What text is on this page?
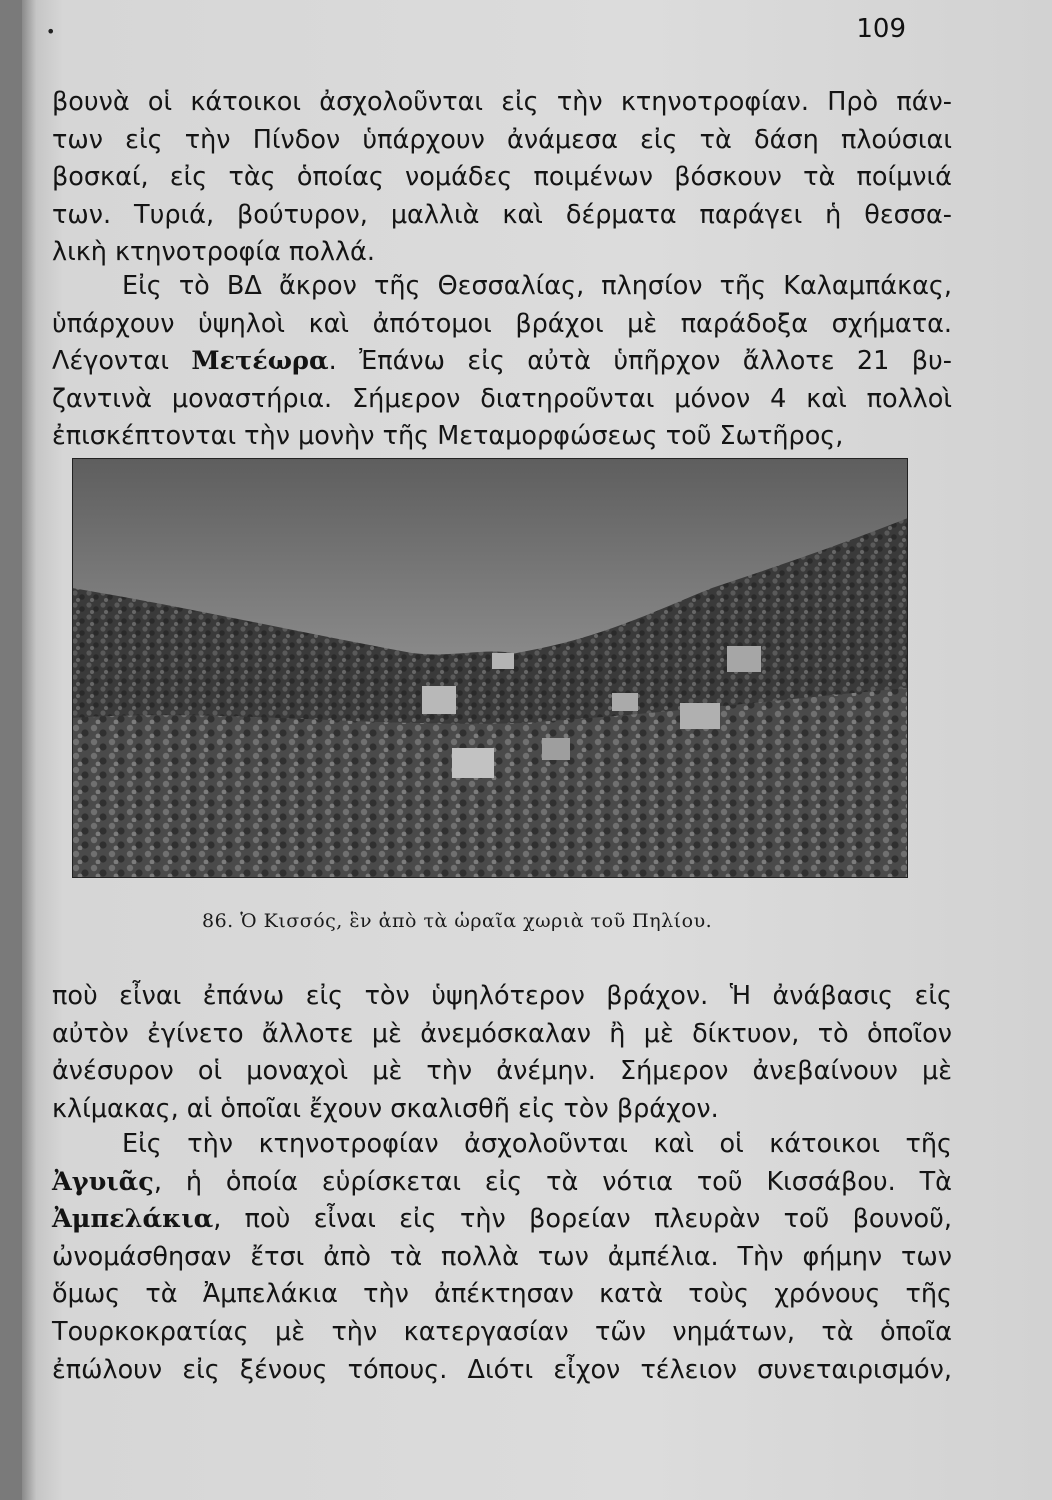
•	109

βουνὰ οἱ κάτοικοι ἀσχολοῦνται εἰς τὴν κτηνοτροφίαν. Πρὸ πάν-
των εἰς τὴν Πίνδον ὑπάρχουν ἀνάμεσα εἰς τὰ δάση πλούσιαι
βοσκαί, εἰς τὰς ὁποίας νομάδες ποιμένων βόσκουν τὰ ποίμνιά
των. Τυριά, βούτυρον, μαλλιὰ καὶ δέρματα παράγει ἡ θεσσα-
λικὴ κτηνοτροφία πολλά.

Εἰς τὸ ΒΔ ἄκρον τῆς Θεσσαλίας, πλησίον τῆς Καλαμπάκας,
ὑπάρχουν ὑψηλοὶ καὶ ἀπότομοι βράχοι μὲ παράδοξα σχήματα.
Λέγονται Μετέωρα. Ἐπάνω εἰς αὐτὰ ὑπῆρχον ἄλλοτε 21 βυ-
ζαντινὰ μοναστήρια. Σήμερον διατηροῦνται μόνον 4 καὶ πολλοὶ
ἐπισκέπτονται τὴν μονὴν τῆς Μεταμορφώσεως τοῦ Σωτῆρος,

86. Ὁ Κισσός, ἓν ἀπὸ τὰ ὡραῖα χωριὰ τοῦ Πηλίου.

ποὺ εἶναι ἐπάνω εἰς τὸν ὑψηλότερον βράχον. Ἡ ἀνάβασις εἰς
αὐτὸν ἐγίνετο ἄλλοτε μὲ ἀνεμόσκαλαν ἢ μὲ δίκτυον, τὸ ὁποῖον
ἀνέσυρον οἱ μοναχοὶ μὲ τὴν ἀνέμην. Σήμερον ἀνεβαίνουν μὲ
κλίμακας, αἱ ὁποῖαι ἔχουν σκαλισθῆ εἰς τὸν βράχον.

Εἰς τὴν κτηνοτροφίαν ἀσχολοῦνται καὶ οἱ κάτοικοι τῆς
Ἀγυιᾶς, ἡ ὁποία εὑρίσκεται εἰς τὰ νότια τοῦ Κισσάβου. Τὰ
Ἀμπελάκια, ποὺ εἶναι εἰς τὴν βορείαν πλευρὰν τοῦ βουνοῦ,
ὠνομάσθησαν ἔτσι ἀπὸ τὰ πολλὰ των ἀμπέλια. Τὴν φήμην των
ὅμως τὰ Ἀμπελάκια τὴν ἀπέκτησαν κατὰ τοὺς χρόνους τῆς
Τουρκοκρατίας μὲ τὴν κατεργασίαν τῶν νημάτων, τὰ ὁποῖα
ἐπώλουν εἰς ξένους τόπους. Διότι εἶχον τέλειον συνεταιρισμόν,
